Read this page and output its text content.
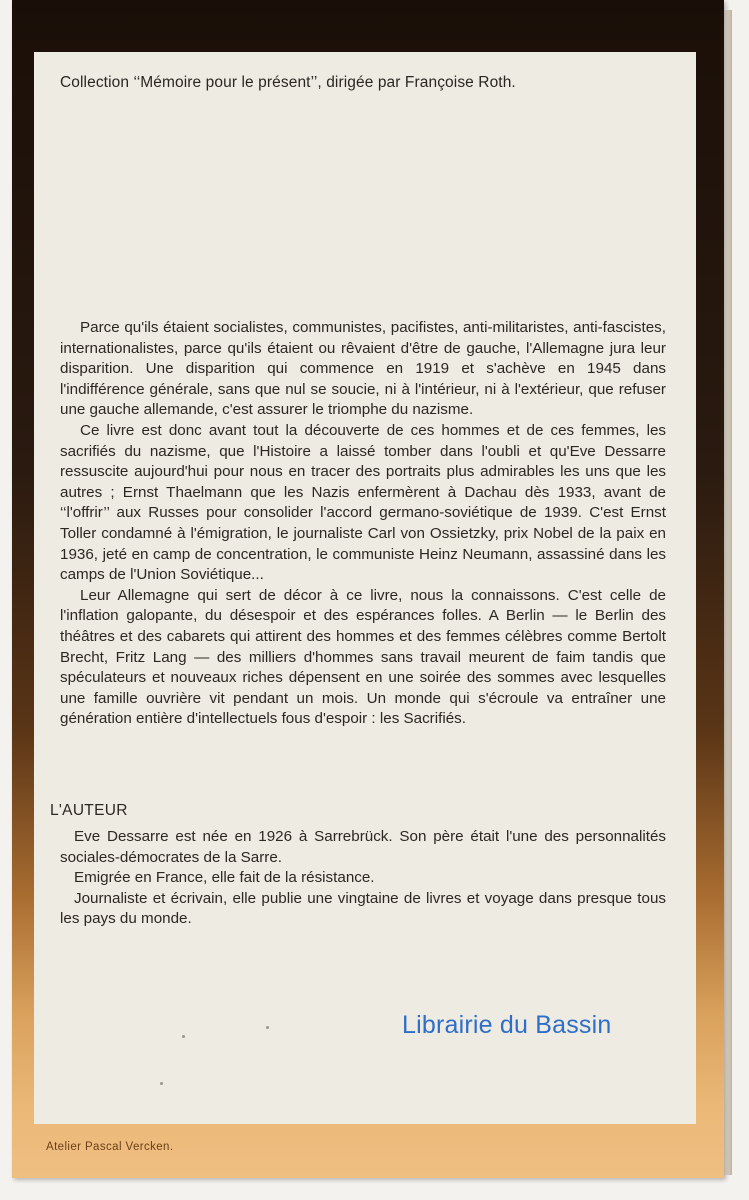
Collection ‘‘Mémoire pour le présent’’, dirigée par Françoise Roth.

Parce qu'ils étaient socialistes, communistes, pacifistes, anti-militaristes, anti-fascistes, internationalistes, parce qu'ils étaient ou rêvaient d'être de gauche, l'Allemagne jura leur disparition. Une disparition qui commence en 1919 et s'achève en 1945 dans l'indifférence générale, sans que nul se soucie, ni à l'intérieur, ni à l'extérieur, que refuser une gauche allemande, c'est assurer le triomphe du nazisme.

Ce livre est donc avant tout la découverte de ces hommes et de ces femmes, les sacrifiés du nazisme, que l'Histoire a laissé tomber dans l'oubli et qu'Eve Dessarre ressuscite aujourd'hui pour nous en tracer des portraits plus admirables les uns que les autres ; Ernst Thaelmann que les Nazis enfermèrent à Dachau dès 1933, avant de ‘‘l'offrir’’ aux Russes pour consolider l'accord germano-soviétique de 1939. C'est Ernst Toller condamné à l'émigration, le journaliste Carl von Ossietzky, prix Nobel de la paix en 1936, jeté en camp de concentration, le communiste Heinz Neumann, assassiné dans les camps de l'Union Soviétique...

Leur Allemagne qui sert de décor à ce livre, nous la connaissons. C'est celle de l'inflation galopante, du désespoir et des espérances folles. A Berlin — le Berlin des théâtres et des cabarets qui attirent des hommes et des femmes célèbres comme Bertolt Brecht, Fritz Lang — des milliers d'hommes sans travail meurent de faim tandis que spéculateurs et nouveaux riches dépensent en une soirée des sommes avec lesquelles une famille ouvrière vit pendant un mois. Un monde qui s'écroule va entraîner une génération entière d'intellectuels fous d'espoir : les Sacrifiés.

L'AUTEUR

Eve Dessarre est née en 1926 à Sarrebrück. Son père était l'une des personnalités sociales-démocrates de la Sarre.

Emigrée en France, elle fait de la résistance.

Journaliste et écrivain, elle publie une vingtaine de livres et voyage dans presque tous les pays du monde.

Librairie du Bassin
Atelier Pascal Vercken.
